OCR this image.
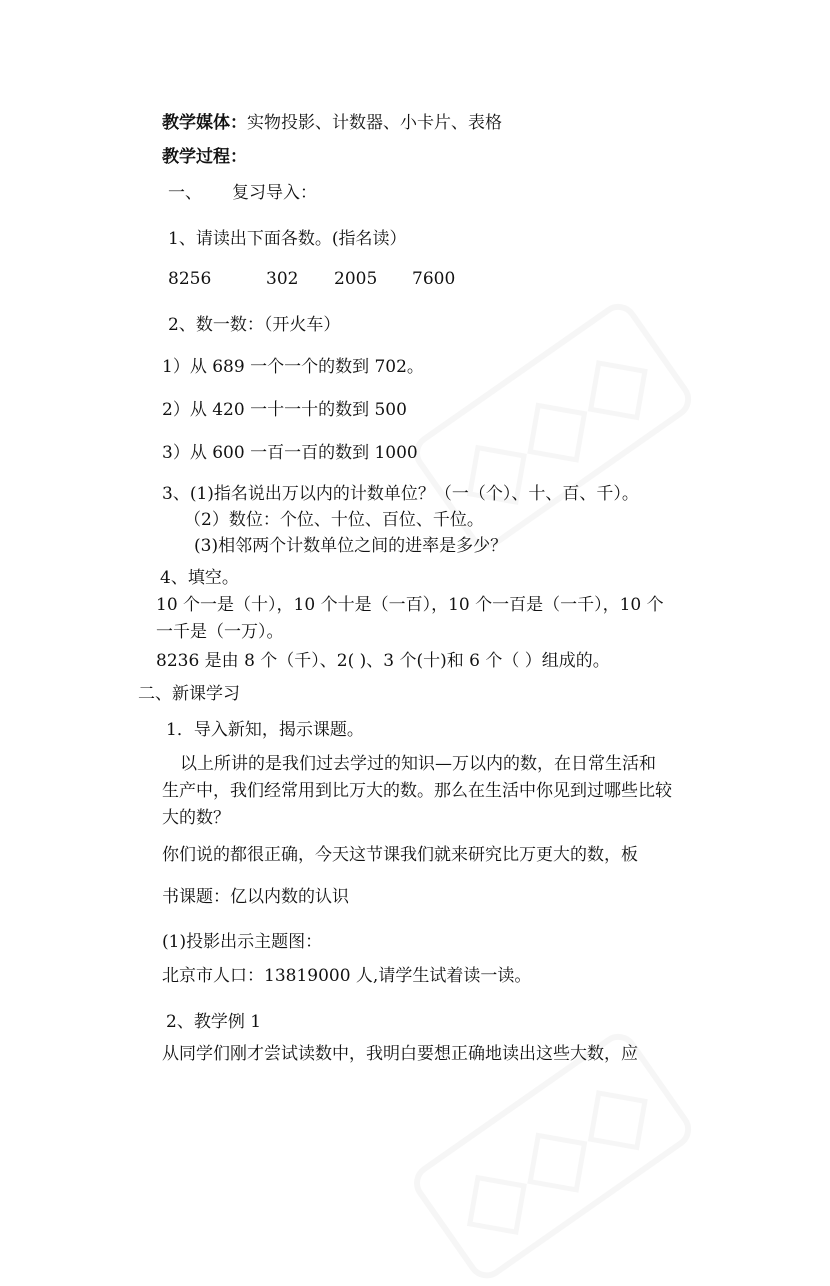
教学媒体：实物投影、计数器、小卡片、表格
教学过程：
一、 复习导入：
1、请读出下面各数。(指名读）
8256	302 2005 7600
2、数一数：（开火车）
1）从 689 一个一个的数到 702。
2）从 420 一十一十的数到 500
3）从 600 一百一百的数到 1000
3、(1)指名说出万以内的计数单位？（一（个）、十、百、千）。
（2）数位：个位、十位、百位、千位。
(3)相邻两个计数单位之间的进率是多少？
4、填空。
10 个一是（十），10 个十是（一百），10 个一百是（一千），10 个
一千是（一万）。
8236 是由 8 个（千）、2( )、3 个(十)和 6 个（ ）组成的。
二、新课学习
1．导入新知，揭示课题。
以上所讲的是我们过去学过的知识—万以内的数，在日常生活和
生产中，我们经常用到比万大的数。那么在生活中你见到过哪些比较
大的数？
你们说的都很正确，今天这节课我们就来研究比万更大的数，板
书课题：亿以内数的认识
(1)投影出示主题图：
北京市人口：13819000 人,请学生试着读一读。
2、教学例 1
从同学们刚才尝试读数中，我明白要想正确地读出这些大数，应
